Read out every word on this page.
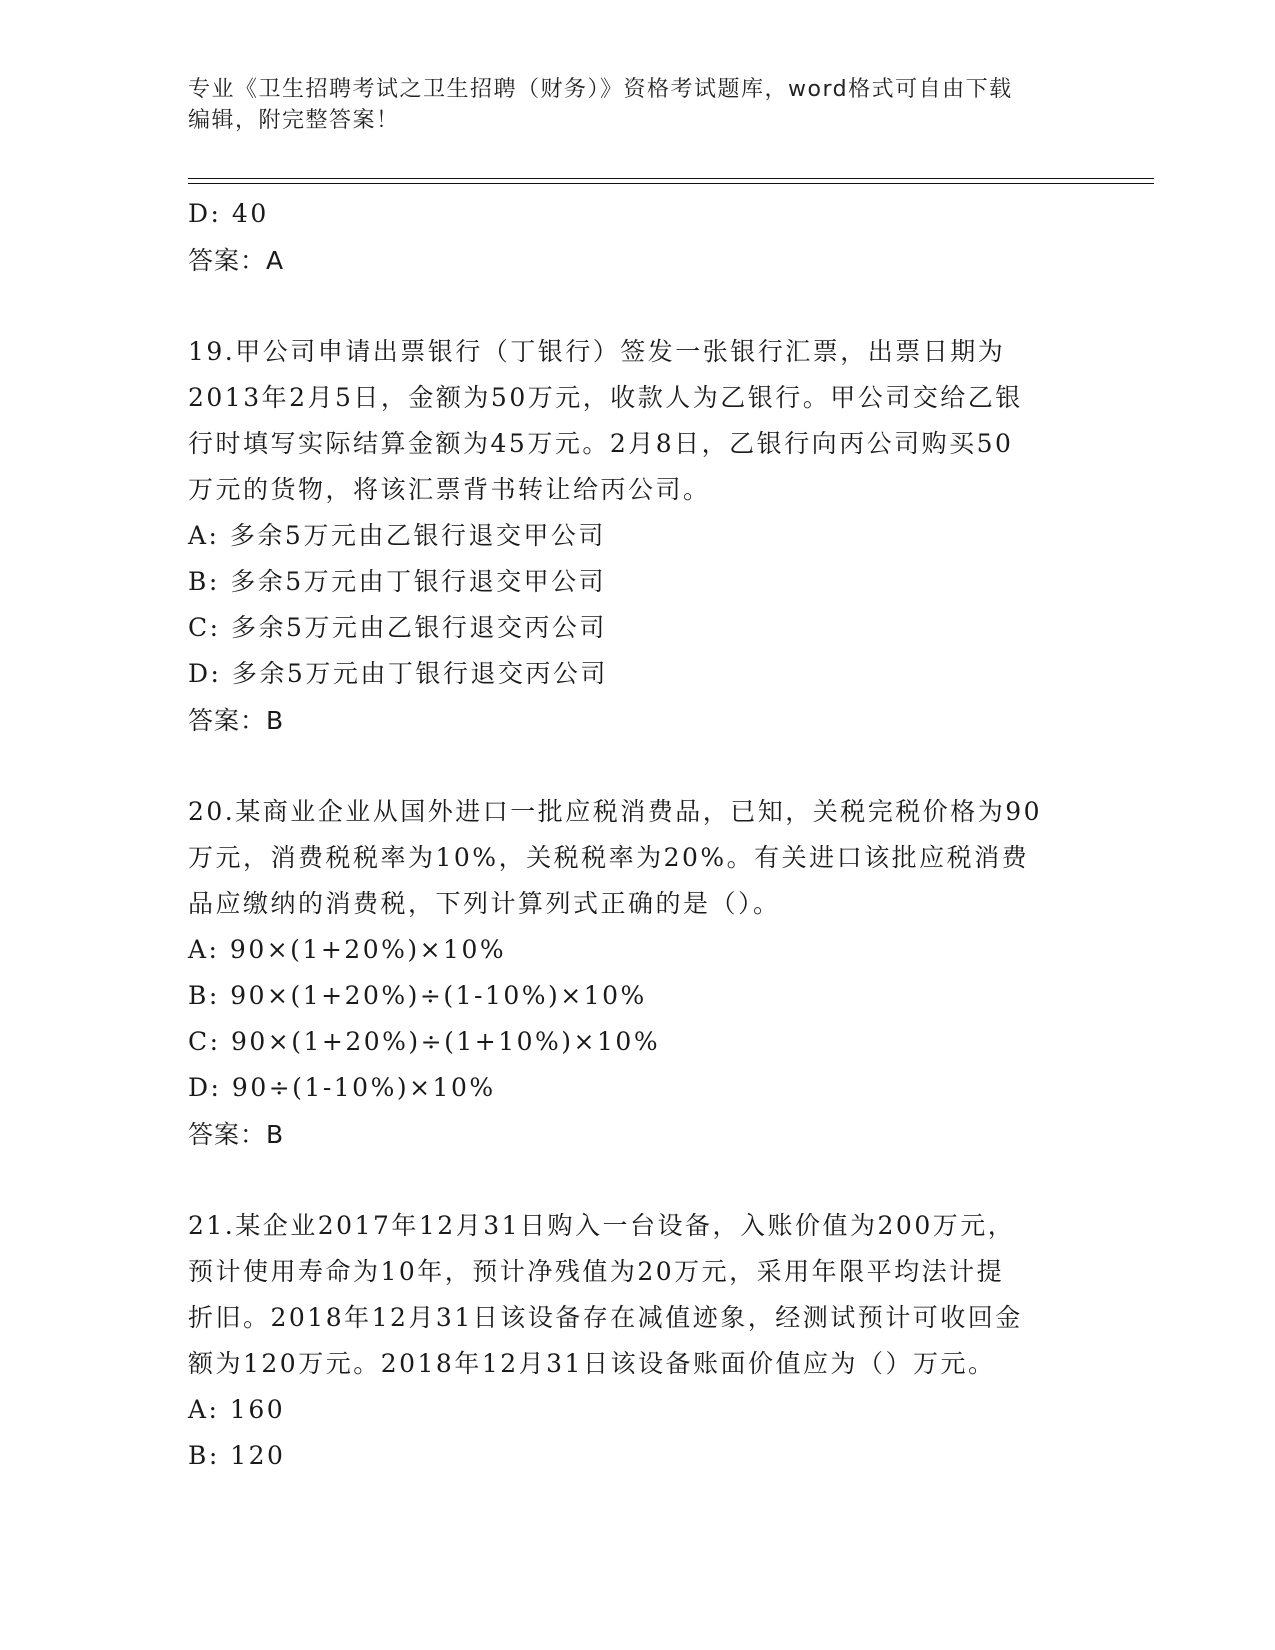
专业《卫生招聘考试之卫生招聘（财务）》资格考试题库，word格式可自由下载
编辑，附完整答案！
D: 40
答案：A
19.甲公司申请出票银行（丁银行）签发一张银行汇票，出票日期为
2013年2月5日，金额为50万元，收款人为乙银行。甲公司交给乙银
行时填写实际结算金额为45万元。2月8日，乙银行向丙公司购买50
万元的货物，将该汇票背书转让给丙公司。
A: 多余5万元由乙银行退交甲公司
B: 多余5万元由丁银行退交甲公司
C: 多余5万元由乙银行退交丙公司
D: 多余5万元由丁银行退交丙公司
答案：B
20.某商业企业从国外进口一批应税消费品，已知，关税完税价格为90
万元，消费税税率为10%，关税税率为20%。有关进口该批应税消费
品应缴纳的消费税，下列计算列式正确的是（）。
A: 90×(1+20%)×10%
B: 90×(1+20%)÷(1-10%)×10%
C: 90×(1+20%)÷(1+10%)×10%
D: 90÷(1-10%)×10%
答案：B
21.某企业2017年12月31日购入一台设备，入账价值为200万元，
预计使用寿命为10年，预计净残值为20万元，采用年限平均法计提
折旧。2018年12月31日该设备存在减值迹象，经测试预计可收回金
额为120万元。2018年12月31日该设备账面价值应为（）万元。
A: 160
B: 120
